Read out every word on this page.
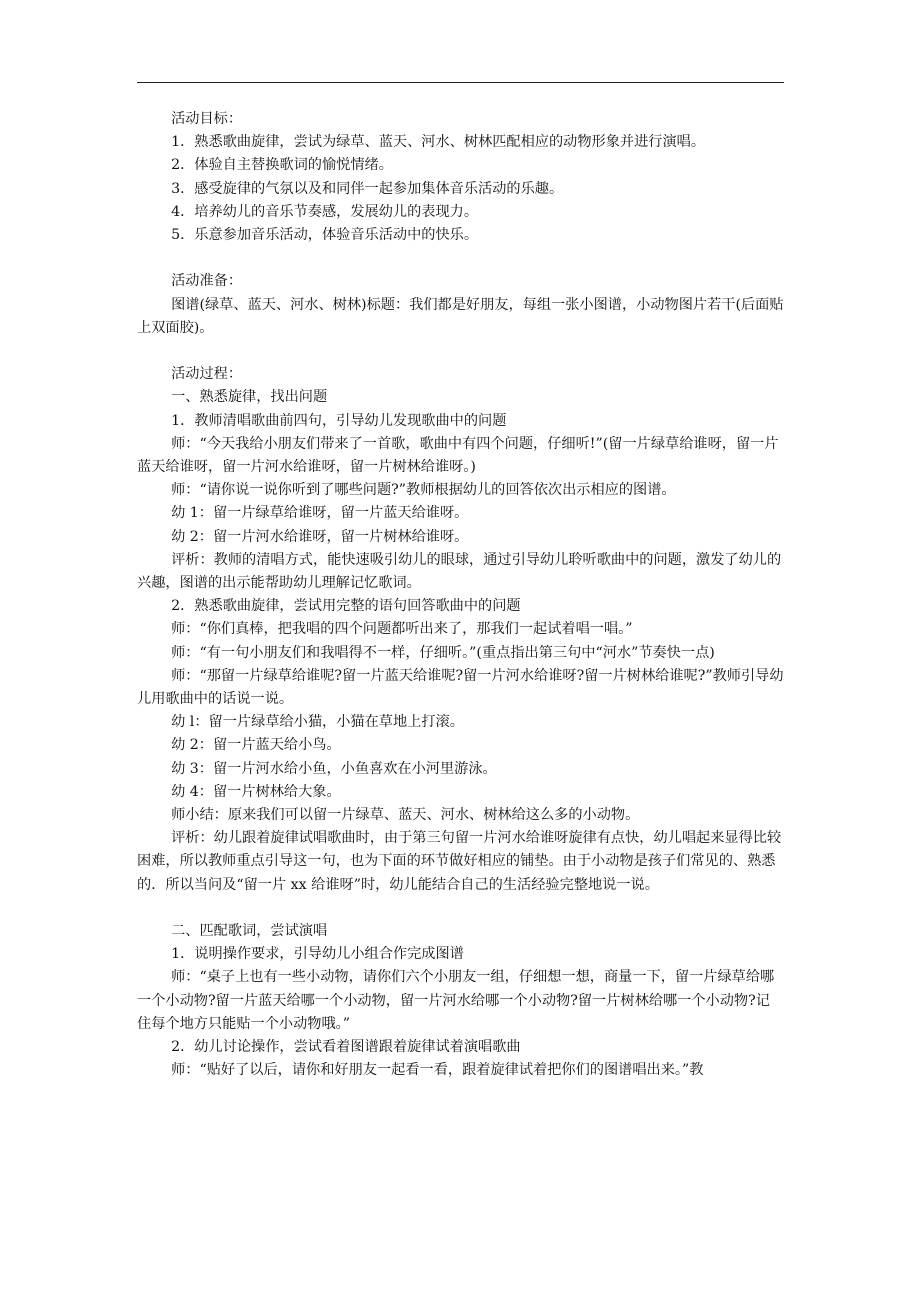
活动目标：

1．熟悉歌曲旋律，尝试为绿草、蓝天、河水、树林匹配相应的动物形象并进行演唱。

2．体验自主替换歌词的愉悦情绪。

3．感受旋律的气氛以及和同伴一起参加集体音乐活动的乐趣。

4．培养幼儿的音乐节奏感，发展幼儿的表现力。

5．乐意参加音乐活动，体验音乐活动中的快乐。

活动准备：

图谱(绿草、蓝天、河水、树林)标题：我们都是好朋友，每组一张小图谱，小动物图片若干(后面贴上双面胶)。

活动过程：

一、熟悉旋律，找出问题

1．教师清唱歌曲前四句，引导幼儿发现歌曲中的问题

师：“今天我给小朋友们带来了一首歌，歌曲中有四个问题，仔细听!”(留一片绿草给谁呀，留一片蓝天给谁呀，留一片河水给谁呀，留一片树林给谁呀。)

师：“请你说一说你听到了哪些问题?”教师根据幼儿的回答依次出示相应的图谱。

幼 1：留一片绿草给谁呀，留一片蓝天给谁呀。

幼 2：留一片河水给谁呀，留一片树林给谁呀。

评析：教师的清唱方式，能快速吸引幼儿的眼球，通过引导幼儿聆听歌曲中的问题，激发了幼儿的兴趣，图谱的出示能帮助幼儿理解记忆歌词。

2．熟悉歌曲旋律，尝试用完整的语句回答歌曲中的问题

师：“你们真棒，把我唱的四个问题都听出来了，那我们一起试着唱一唱。”

师：“有一句小朋友们和我唱得不一样，仔细听。”(重点指出第三句中“河水”节奏快一点)

师：“那留一片绿草给谁呢?留一片蓝天给谁呢?留一片河水给谁呀?留一片树林给谁呢?”教师引导幼儿用歌曲中的话说一说。

幼 l：留一片绿草给小猫，小猫在草地上打滚。

幼 2：留一片蓝天给小鸟。

幼 3：留一片河水给小鱼，小鱼喜欢在小河里游泳。

幼 4：留一片树林给大象。

师小结：原来我们可以留一片绿草、蓝天、河水、树林给这么多的小动物。

评析：幼儿跟着旋律试唱歌曲时，由于第三句留一片河水给谁呀旋律有点快，幼儿唱起来显得比较困难，所以教师重点引导这一句，也为下面的环节做好相应的铺垫。由于小动物是孩子们常见的、熟悉的．所以当问及“留一片 xx 给谁呀”时，幼儿能结合自己的生活经验完整地说一说。

二、匹配歌词，尝试演唱

1．说明操作要求，引导幼儿小组合作完成图谱

师：“桌子上也有一些小动物，请你们六个小朋友一组，仔细想一想，商量一下，留一片绿草给哪一个小动物?留一片蓝天给哪一个小动物，留一片河水给哪一个小动物?留一片树林给哪一个小动物?记住每个地方只能贴一个小动物哦。”

2．幼儿讨论操作，尝试看着图谱跟着旋律试着演唱歌曲

师：“贴好了以后，请你和好朋友一起看一看，跟着旋律试着把你们的图谱唱出来。”教
